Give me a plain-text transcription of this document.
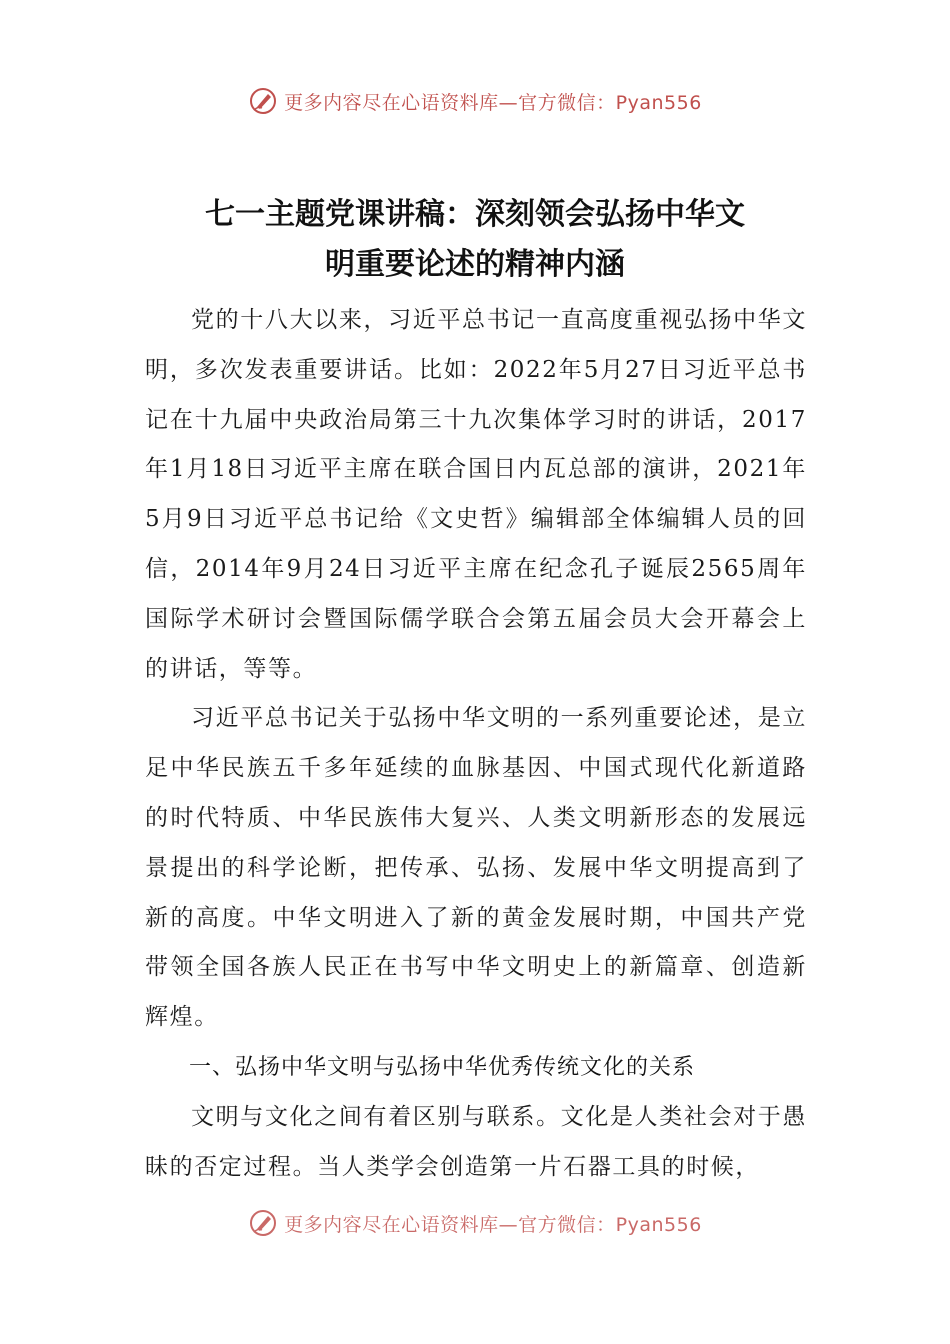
更多内容尽在心语资料库—官方微信：Pyan556
七一主题党课讲稿：深刻领会弘扬中华文
明重要论述的精神内涵

党的十八大以来，习近平总书记一直高度重视弘扬中华文明，多次发表重要讲话。比如：2022年5月27日习近平总书记在十九届中央政治局第三十九次集体学习时的讲话，2017年1月18日习近平主席在联合国日内瓦总部的演讲，2021年5月9日习近平总书记给《文史哲》编辑部全体编辑人员的回信，2014年9月24日习近平主席在纪念孔子诞辰2565周年国际学术研讨会暨国际儒学联合会第五届会员大会开幕会上的讲话，等等。

习近平总书记关于弘扬中华文明的一系列重要论述，是立足中华民族五千多年延续的血脉基因、中国式现代化新道路的时代特质、中华民族伟大复兴、人类文明新形态的发展远景提出的科学论断，把传承、弘扬、发展中华文明提高到了新的高度。中华文明进入了新的黄金发展时期，中国共产党带领全国各族人民正在书写中华文明史上的新篇章、创造新辉煌。

一、弘扬中华文明与弘扬中华优秀传统文化的关系

文明与文化之间有着区别与联系。文化是人类社会对于愚昧的否定过程。当人类学会创造第一片石器工具的时候，

更多内容尽在心语资料库—官方微信：Pyan556
